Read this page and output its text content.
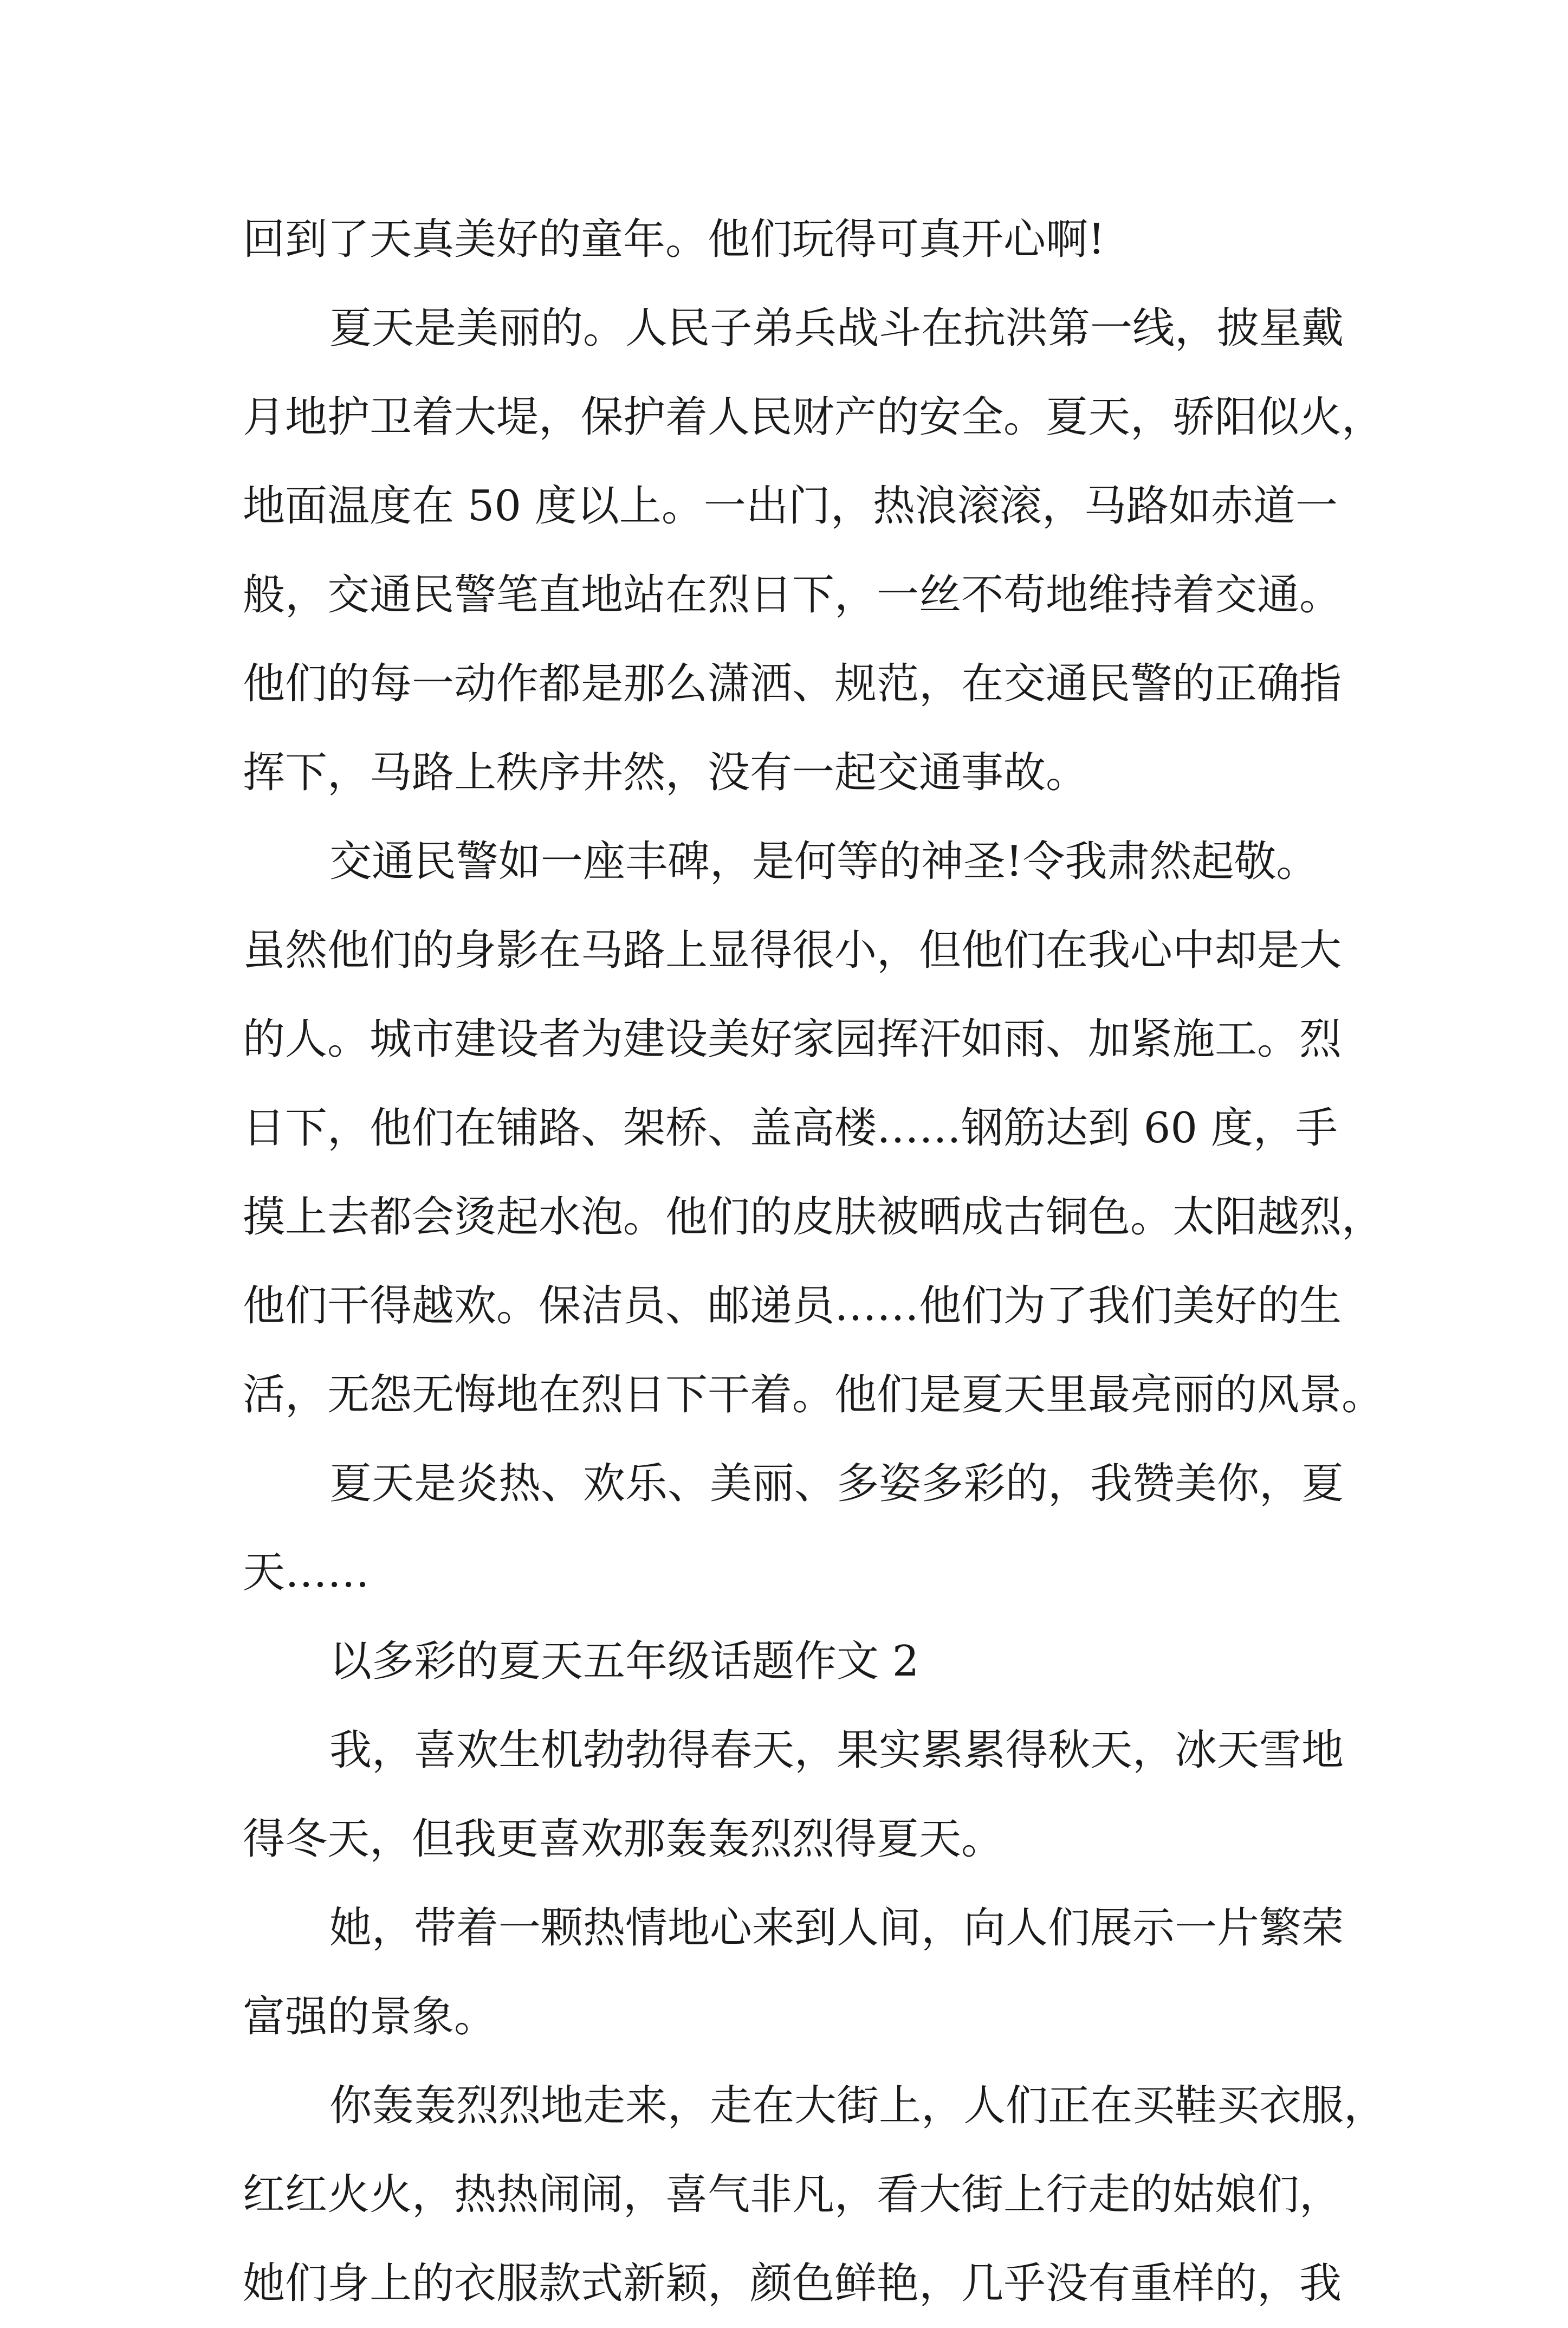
回到了天真美好的童年。他们玩得可真开心啊!
夏天是美丽的。人民子弟兵战斗在抗洪第一线，披星戴
月地护卫着大堤，保护着人民财产的安全。夏天，骄阳似火，
地面温度在 50 度以上。一出门，热浪滚滚，马路如赤道一
般，交通民警笔直地站在烈日下，一丝不苟地维持着交通。
他们的每一动作都是那么潇洒、规范，在交通民警的正确指
挥下，马路上秩序井然，没有一起交通事故。
交通民警如一座丰碑，是何等的神圣!令我肃然起敬。
虽然他们的身影在马路上显得很小，但他们在我心中却是大
的人。城市建设者为建设美好家园挥汗如雨、加紧施工。烈
日下，他们在铺路、架桥、盖高楼……钢筋达到 60 度，手
摸上去都会烫起水泡。他们的皮肤被晒成古铜色。太阳越烈，
他们干得越欢。保洁员、邮递员……他们为了我们美好的生
活，无怨无悔地在烈日下干着。他们是夏天里最亮丽的风景。
夏天是炎热、欢乐、美丽、多姿多彩的，我赞美你，夏
天……
以多彩的夏天五年级话题作文 2
我，喜欢生机勃勃得春天，果实累累得秋天，冰天雪地
得冬天，但我更喜欢那轰轰烈烈得夏天。
她，带着一颗热情地心来到人间，向人们展示一片繁荣
富强的景象。
你轰轰烈烈地走来，走在大街上，人们正在买鞋买衣服，
红红火火，热热闹闹，喜气非凡，看大街上行走的姑娘们，
她们身上的衣服款式新颖，颜色鲜艳，几乎没有重样的，我
